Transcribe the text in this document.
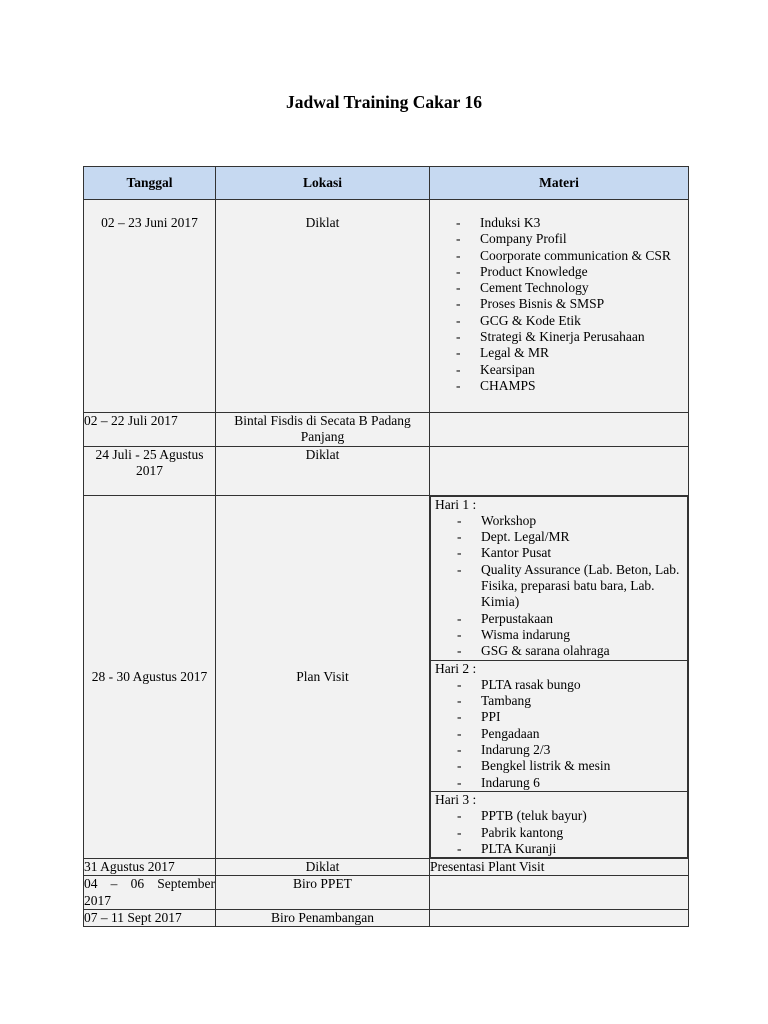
Jadwal Training Cakar 16
Tanggal	Lokasi	Materi

02 – 23 Juni 2017	Diklat

-Induksi K3
- Company Profil
- Coorporate communication & CSR
- Product Knowledge
- Cement Technology
- Proses Bisnis & SMSP
- GCG & Kode Etik
- Strategi & Kinerja Perusahaan
- Legal & MR
- Kearsipan
- CHAMPS

02 – 22 Juli 2017	Bintal Fisdis di Secata B Padang Panjang	
24 Juli - 25 Agustus 2017	Diklat	
28 - 30 Agustus 2017	Plan Visit	
Hari 1 :
- Workshop
- Dept. Legal/MR
- Kantor Pusat
- Quality Assurance (Lab. Beton, Lab. Fisika, preparasi batu bara, Lab. Kimia)
- Perpustakaan
- Wisma indarung
- GSG & sarana olahraga

Hari 2 :
- PLTA rasak bungo
- Tambang
- PPI
- Pengadaan
- Indarung 2/3
- Bengkel listrik & mesin
- Indarung 6

Hari 3 :
- PPTB (teluk bayur)
- Pabrik kantong
- PLTA Kuranji

31 Agustus 2017	Diklat	Presentasi Plant Visit
04 – 06 September 2017	Biro PPET	
07 – 11 Sept 2017	Biro Penambangan	
